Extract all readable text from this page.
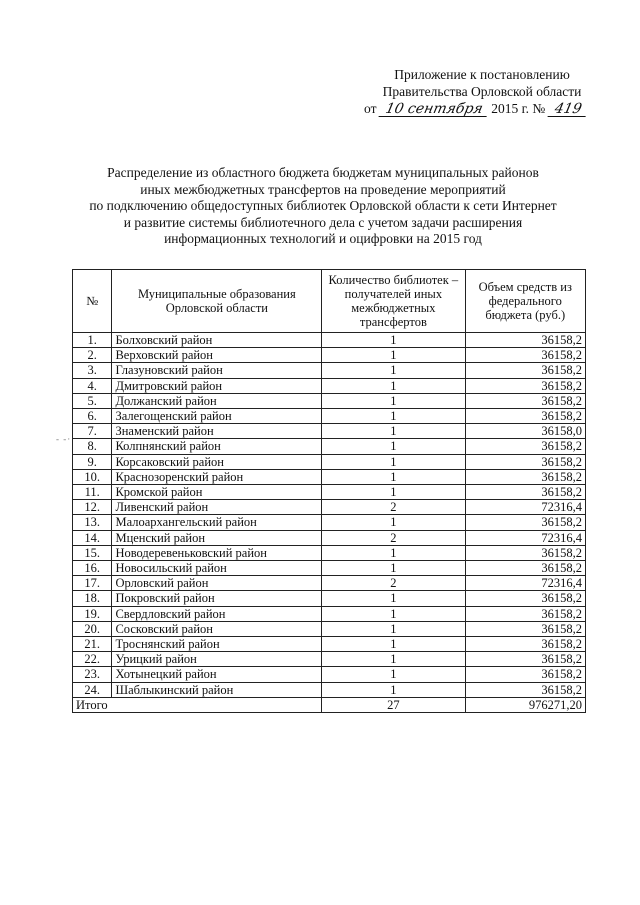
Приложение к постановлению
Правительства Орловской области
от 10 сентября 2015 г. № 419
Распределение из областного бюджета бюджетам муниципальных районов
иных межбюджетных трансфертов на проведение мероприятий
по подключению общедоступных библиотек Орловской области к сети Интернет
и развитие системы библиотечного дела с учетом задачи расширения
информационных технологий и оцифровки на 2015 год
- -·
№	Муниципальные образования Орловской области	Количество библиотек – получателей иных межбюджетных трансфертов	Объем средств из федерального бюджета (руб.)
1.	Болховский район	1	36158,2
2.	Верховский район	1	36158,2
3.	Глазуновский район	1	36158,2
4.	Дмитровский район	1	36158,2
5.	Должанский район	1	36158,2
6.	Залегощенский район	1	36158,2
7.	Знаменский район	1	36158,0
8.	Колпнянский район	1	36158,2
9.	Корсаковский район	1	36158,2
10.	Краснозоренский район	1	36158,2
11.	Кромской район	1	36158,2
12.	Ливенский район	2	72316,4
13.	Малоархангельский район	1	36158,2
14.	Мценский район	2	72316,4
15.	Новодеревеньковский район	1	36158,2
16.	Новосильский район	1	36158,2
17.	Орловский район	2	72316,4
18.	Покровский район	1	36158,2
19.	Свердловский район	1	36158,2
20.	Сосковский район	1	36158,2
21.	Троснянский район	1	36158,2
22.	Урицкий район	1	36158,2
23.	Хотынецкий район	1	36158,2
24.	Шаблыкинский район	1	36158,2
Итого		27	976271,20
